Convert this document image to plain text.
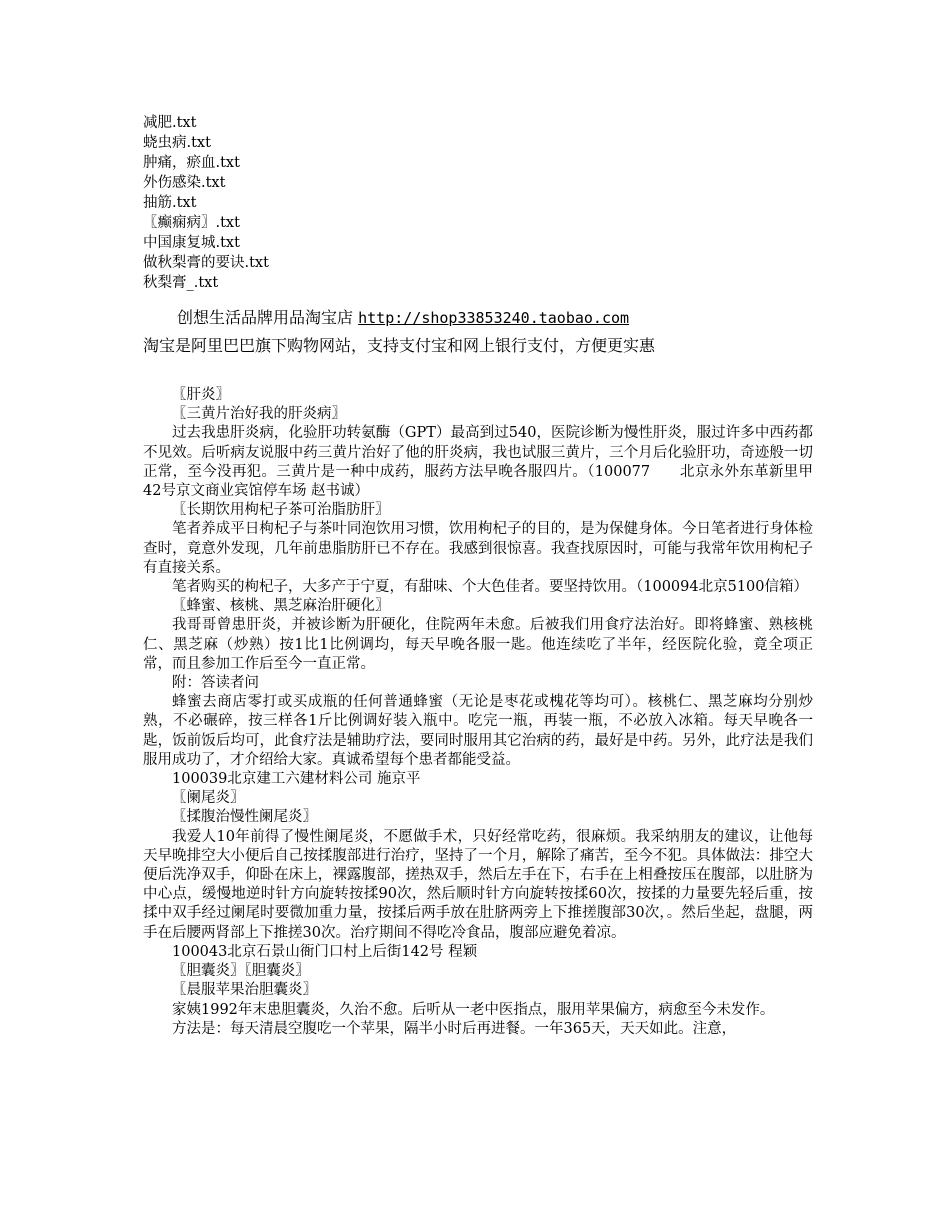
减肥.txt
蛲虫病.txt
肿痛，瘀血.txt
外伤感染.txt
抽筋.txt
〖癫痫病〗.txt
中国康复城.txt
做秋梨膏的要诀.txt
秋梨膏_.txt
创想生活品牌用品淘宝店 http://shop33853240.taobao.com
淘宝是阿里巴巴旗下购物网站，支持支付宝和网上银行支付，方便更实惠
〖肝炎〗
〖三黄片治好我的肝炎病〗
过去我患肝炎病，化验肝功转氨酶（GPT）最高到过540，医院诊断为慢性肝炎，服过许多中西药都不见效。后听病友说服中药三黄片治好了他的肝炎病，我也试服三黄片，三个月后化验肝功，奇迹般一切正常，至今没再犯。三黄片是一种中成药，服药方法早晚各服四片。（100077　　北京永外东革新里甲42号京文商业宾馆停车场 赵书诚）
〖长期饮用枸杞子茶可治脂肪肝〗
笔者养成平日枸杞子与茶叶同泡饮用习惯，饮用枸杞子的目的，是为保健身体。今日笔者进行身体检查时，竟意外发现，几年前患脂肪肝已不存在。我感到很惊喜。我查找原因时，可能与我常年饮用枸杞子有直接关系。
笔者购买的枸杞子，大多产于宁夏，有甜味、个大色佳者。要坚持饮用。（100094北京5100信箱）
〖蜂蜜、核桃、黑芝麻治肝硬化〗
我哥哥曾患肝炎，并被诊断为肝硬化，住院两年未愈。后被我们用食疗法治好。即将蜂蜜、熟核桃仁、黑芝麻（炒熟）按1比1比例调均，每天早晚各服一匙。他连续吃了半年，经医院化验，竟全项正常，而且参加工作后至今一直正常。
附：答读者问
蜂蜜去商店零打或买成瓶的任何普通蜂蜜（无论是枣花或槐花等均可）。核桃仁、黑芝麻均分别炒熟，不必碾碎，按三样各1斤比例调好装入瓶中。吃完一瓶，再装一瓶，不必放入冰箱。每天早晚各一匙，饭前饭后均可，此食疗法是辅助疗法，要同时服用其它治病的药，最好是中药。另外，此疗法是我们服用成功了，才介绍给大家。真诚希望每个患者都能受益。
100039北京建工六建材料公司 施京平
〖阑尾炎〗
〖揉腹治慢性阑尾炎〗
我爱人10年前得了慢性阑尾炎，不愿做手术，只好经常吃药，很麻烦。我采纳朋友的建议，让他每天早晚排空大小便后自己按揉腹部进行治疗，坚持了一个月，解除了痛苦，至今不犯。具体做法：排空大便后洗净双手，仰卧在床上，裸露腹部，搓热双手，然后左手在下，右手在上相叠按压在腹部，以肚脐为中心点，缓慢地逆时针方向旋转按揉90次，然后顺时针方向旋转按揉60次，按揉的力量要先轻后重，按揉中双手经过阑尾时要微加重力量，按揉后两手放在肚脐两旁上下推搓腹部30次，。然后坐起，盘腿，两手在后腰两肾部上下推搓30次。治疗期间不得吃冷食品，腹部应避免着凉。
100043北京石景山衙门口村上后街142号 程颖
〖胆囊炎〗〖胆囊炎〗
〖晨服苹果治胆囊炎〗
家姨1992年末患胆囊炎，久治不愈。后听从一老中医指点，服用苹果偏方，病愈至今未发作。
方法是：每天清晨空腹吃一个苹果，隔半小时后再进餐。一年365天，天天如此。注意，
